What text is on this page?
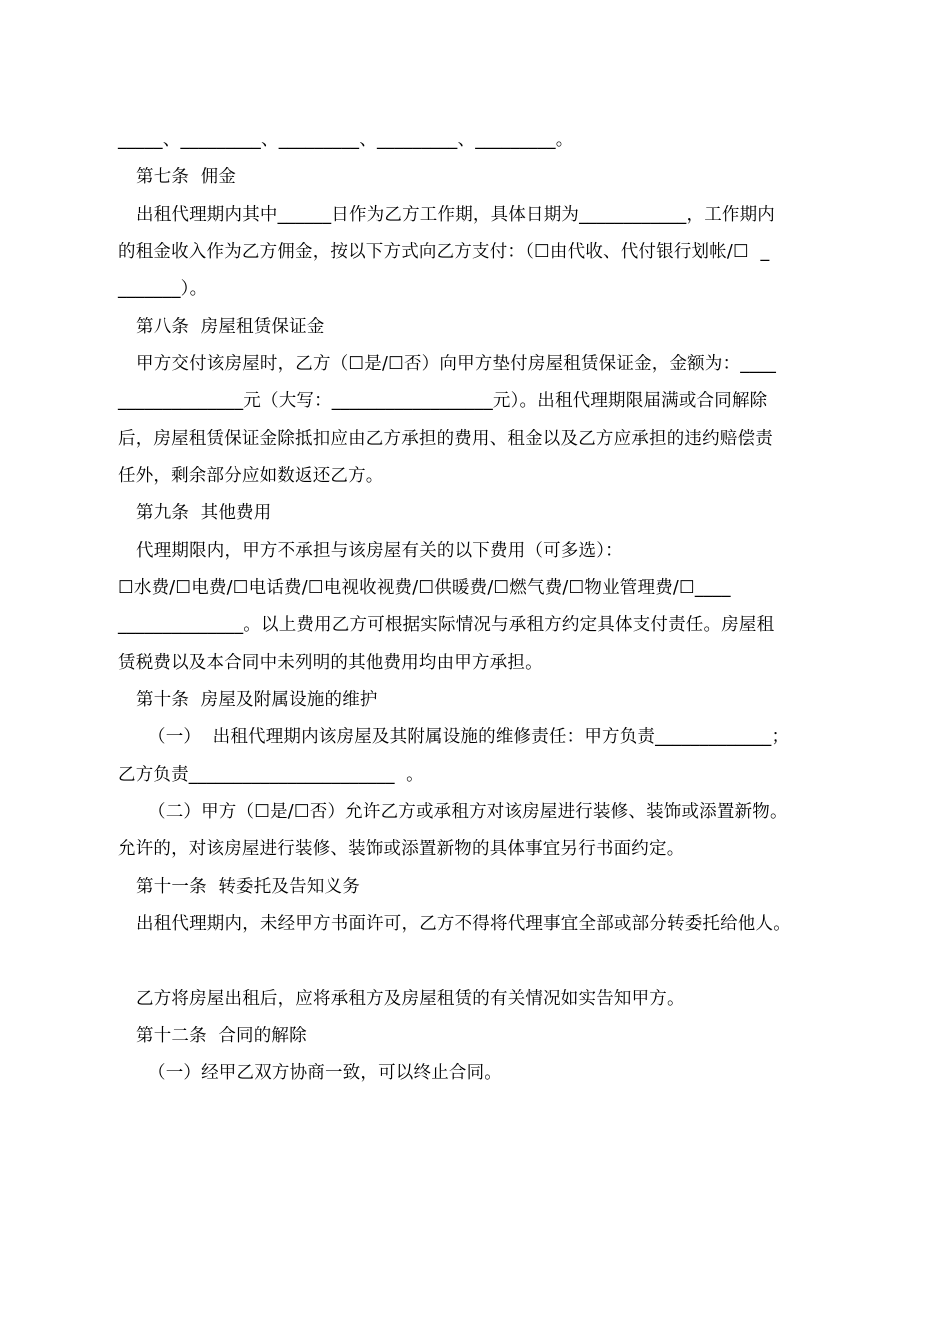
_____、_________、_________、_________、_________。
第七条  佣金
出租代理期内其中______日作为乙方工作期，具体日期为____________，工作期内
的租金收入作为乙方佣金，按以下方式向乙方支付：（☐由代收、代付银行划帐/☐  _
_______）。
第八条  房屋租赁保证金
甲方交付该房屋时，乙方（☐是/☐否）向甲方垫付房屋租赁保证金，金额为：____
______________元（大写：__________________元）。出租代理期限届满或合同解除
后，房屋租赁保证金除抵扣应由乙方承担的费用、租金以及乙方应承担的违约赔偿责
任外，剩余部分应如数返还乙方。
第九条  其他费用
代理期限内，甲方不承担与该房屋有关的以下费用（可多选）：
☐水费/☐电费/☐电话费/☐电视收视费/☐供暖费/☐燃气费/☐物业管理费/☐____
______________。以上费用乙方可根据实际情况与承租方约定具体支付责任。房屋租
赁税费以及本合同中未列明的其他费用均由甲方承担。
第十条  房屋及附属设施的维护
（一）  出租代理期内该房屋及其附属设施的维修责任：甲方负责_____________；
乙方负责_______________________  。
（二）甲方（☐是/☐否）允许乙方或承租方对该房屋进行装修、装饰或添置新物。
允许的，对该房屋进行装修、装饰或添置新物的具体事宜另行书面约定。
第十一条  转委托及告知义务
出租代理期内，未经甲方书面许可，乙方不得将代理事宜全部或部分转委托给他人。
乙方将房屋出租后，应将承租方及房屋租赁的有关情况如实告知甲方。
第十二条  合同的解除
（一）经甲乙双方协商一致，可以终止合同。
